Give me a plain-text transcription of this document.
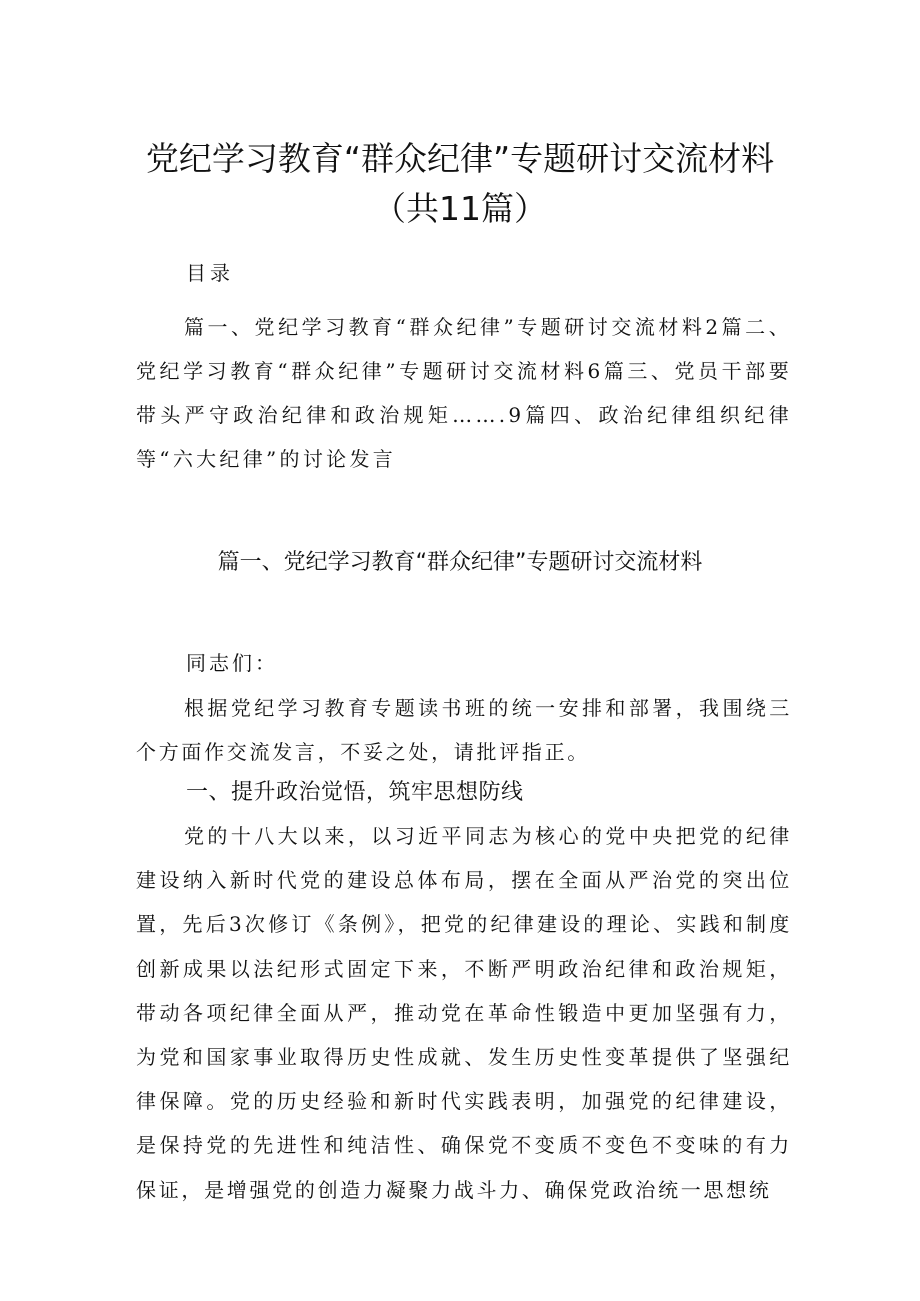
党纪学习教育“群众纪律”专题研讨交流材料（共11篇）
目录
篇一、党纪学习教育“群众纪律”专题研讨交流材料2篇二、党纪学习教育“群众纪律”专题研讨交流材料6篇三、党员干部要带头严守政治纪律和政治规矩…….9篇四、政治纪律组织纪律等“六大纪律”的讨论发言
篇一、党纪学习教育“群众纪律”专题研讨交流材料
同志们：

根据党纪学习教育专题读书班的统一安排和部署，我围绕三个方面作交流发言，不妥之处，请批评指正。

一、提升政治觉悟，筑牢思想防线

党的十八大以来，以习近平同志为核心的党中央把党的纪律建设纳入新时代党的建设总体布局，摆在全面从严治党的突出位置，先后3次修订《条例》，把党的纪律建设的理论、实践和制度创新成果以法纪形式固定下来，不断严明政治纪律和政治规矩，带动各项纪律全面从严，推动党在革命性锻造中更加坚强有力，为党和国家事业取得历史性成就、发生历史性变革提供了坚强纪律保障。党的历史经验和新时代实践表明，加强党的纪律建设，是保持党的先进性和纯洁性、确保党不变质不变色不变味的有力保证，是增强党的创造力凝聚力战斗力、确保党政治统一思想统
